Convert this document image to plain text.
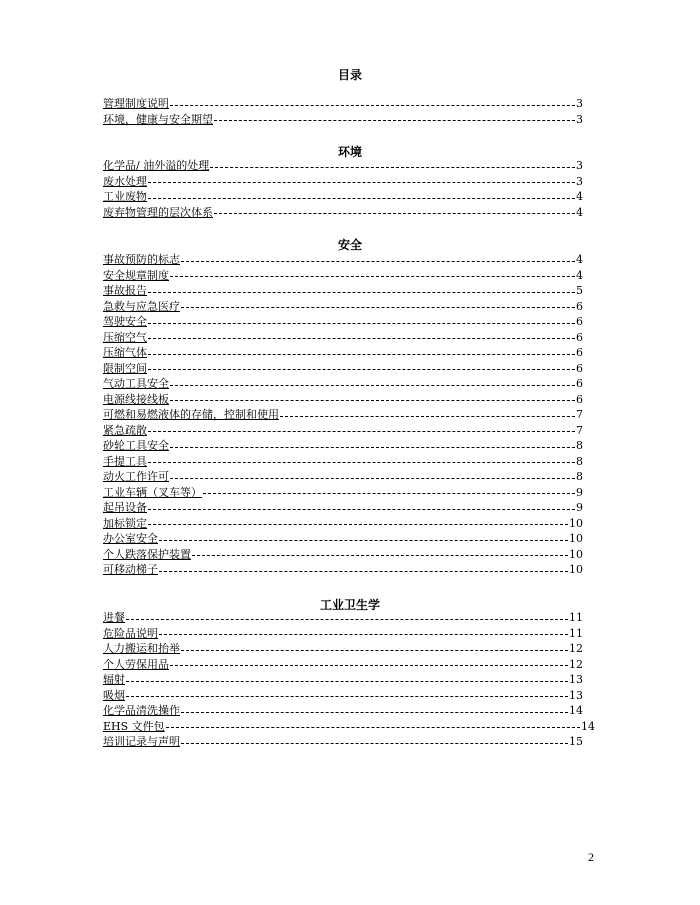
目录
管理制度说明	3
环境，健康与安全期望	3
环境
化学品/ 油外溢的处理	3
废水处理	3
工业废物	4
废弃物管理的层次体系	4
安全
事故预防的标志	4
安全规章制度	4
事故报告	5
急救与应急医疗	6
驾驶安全	6
压缩空气	6
压缩气体	6
限制空间	6
气动工具安全	6
电源线接线板	6
可燃和易燃液体的存储，控制和使用	7
紧急疏散	7
砂轮工具安全	8
手提工具	8
动火工作许可	8
工业车辆（叉车等）	9
起吊设备	9
加标锁定	10
办公室安全	10
个人跌落保护装置	10
可移动梯子	10
工业卫生学
进餐	11
危险品说明	11
人力搬运和抬举	12
个人劳保用品	12
辐射	13
吸烟	13
化学品清洗操作	14
EHS 文件包	14
培训记录与声明	15
2
